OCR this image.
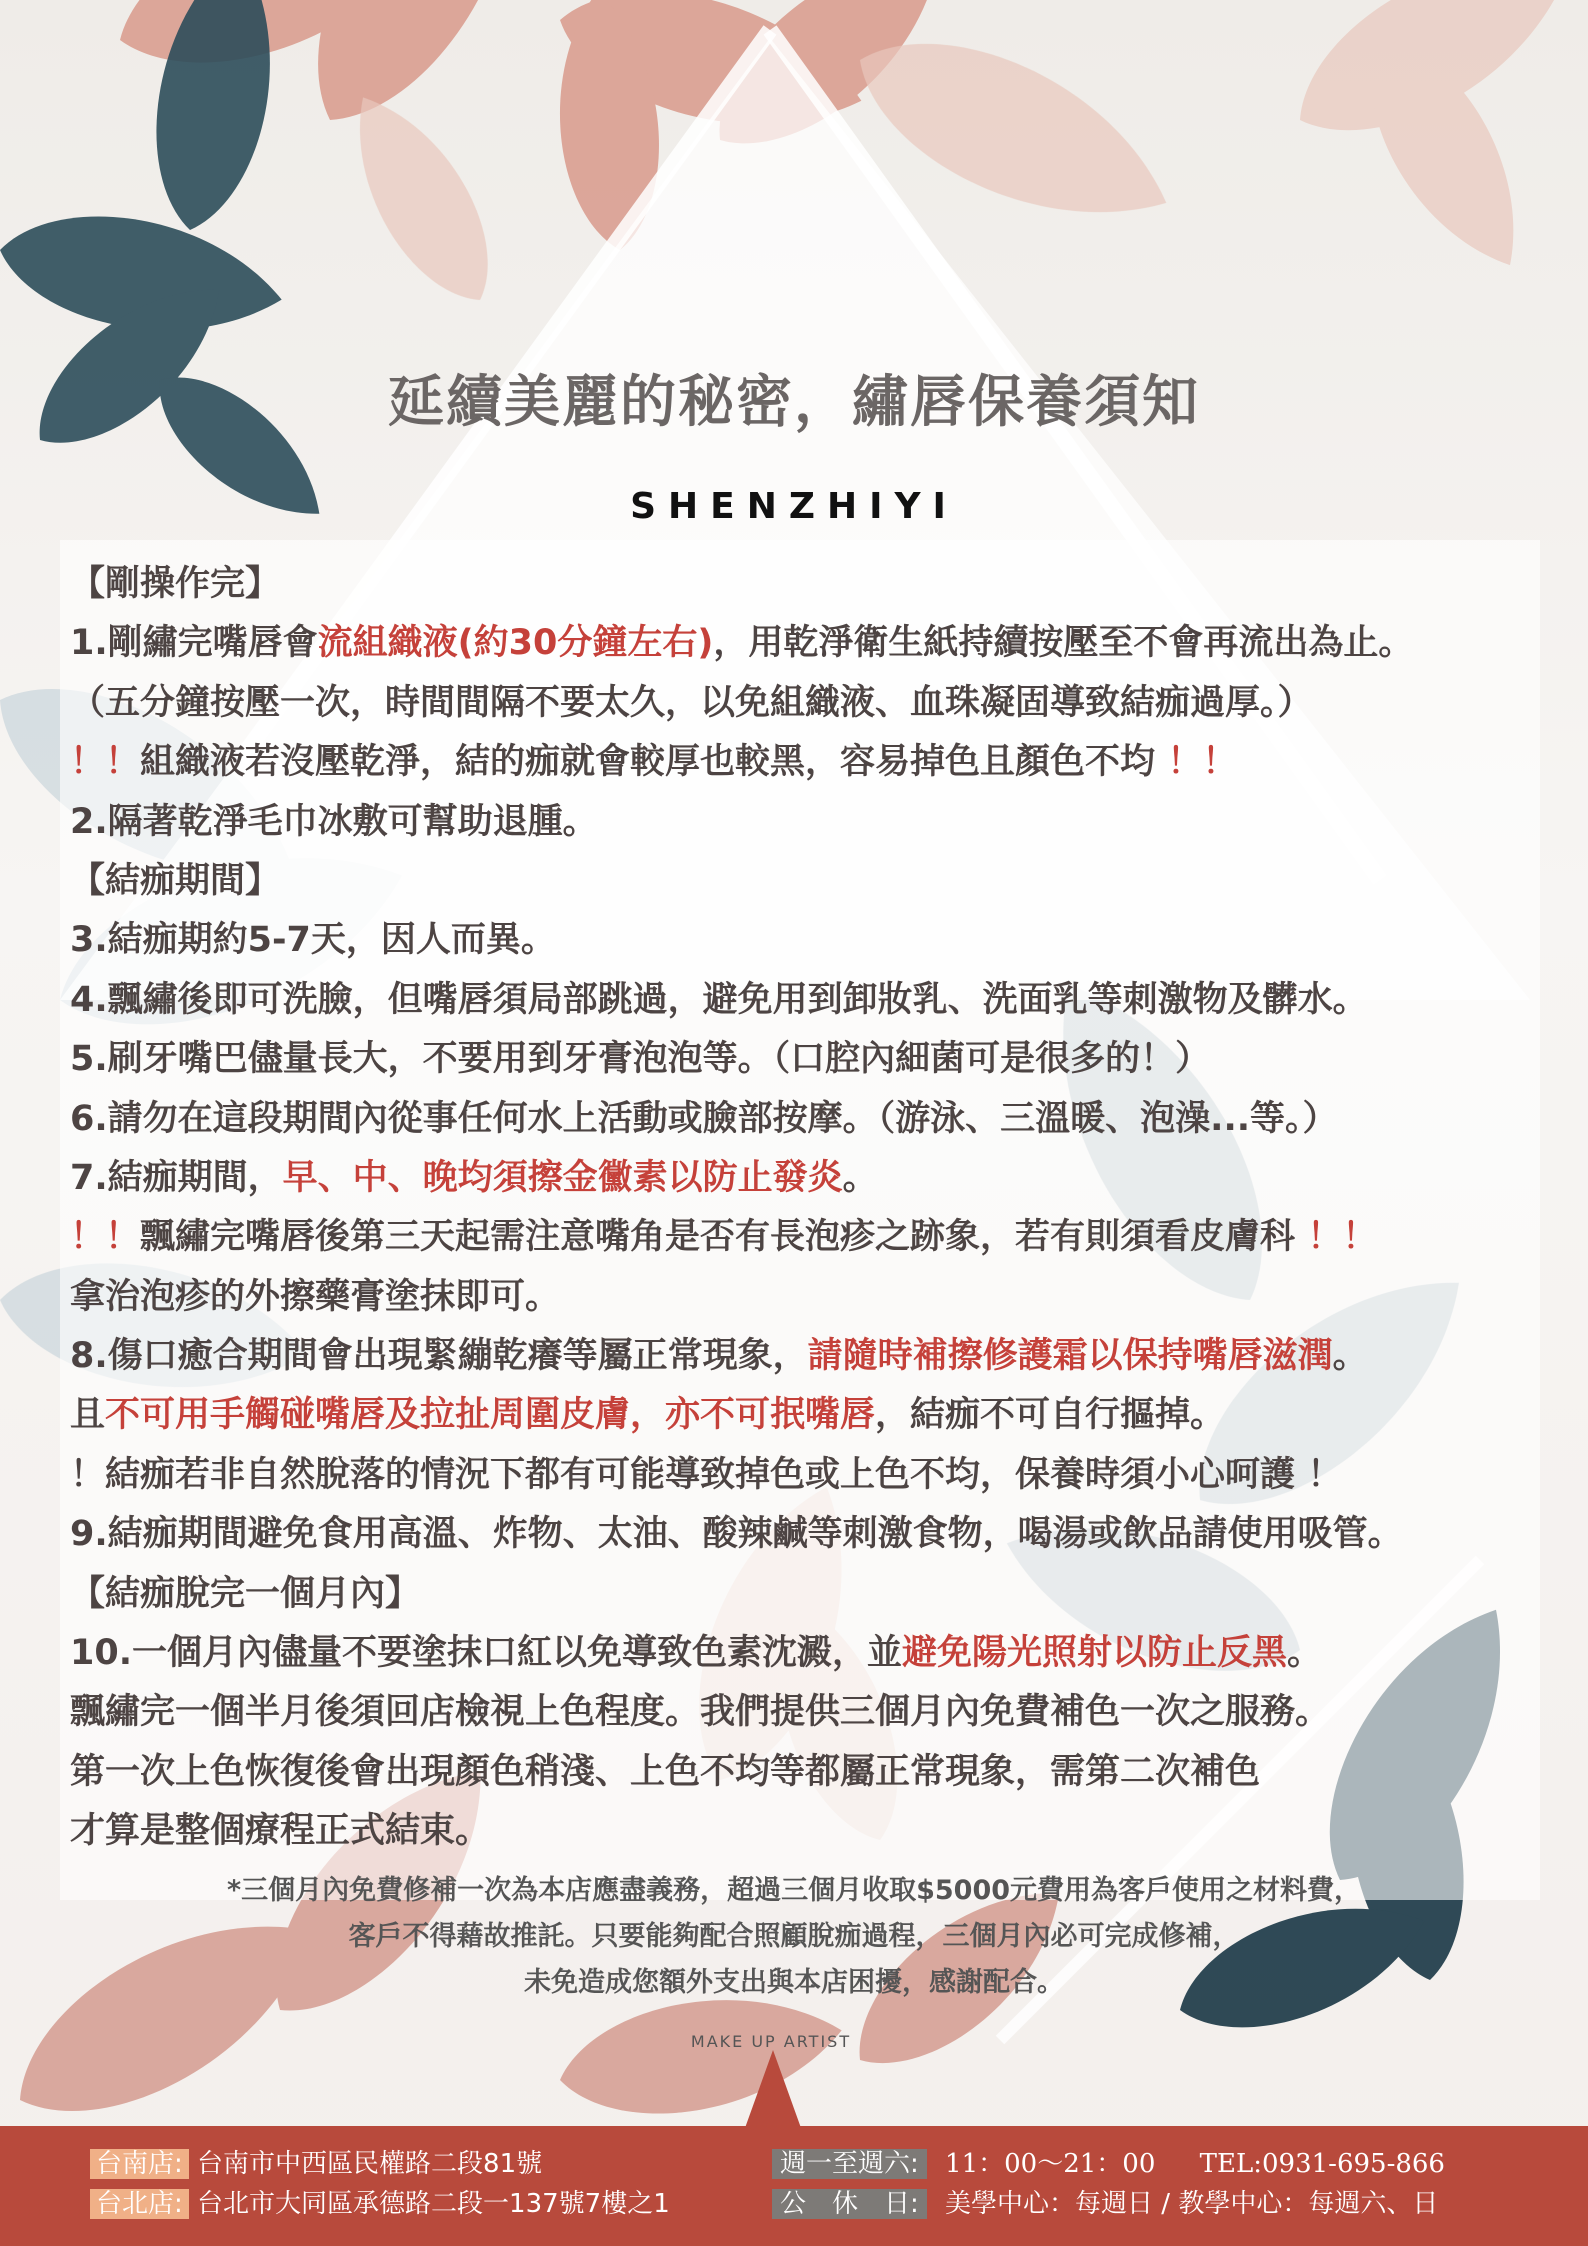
延續美麗的秘密，繡唇保養須知
SHENZHIYI
【剛操作完】
1.剛繡完嘴唇會流組織液(約30分鐘左右)，用乾淨衛生紙持續按壓至不會再流出為止。
（五分鐘按壓一次，時間間隔不要太久，以免組織液、血珠凝固導致結痂過厚。）
！！組織液若沒壓乾淨，結的痂就會較厚也較黑，容易掉色且顏色不均 ！！
2.隔著乾淨毛巾冰敷可幫助退腫。
【結痂期間】
3.結痂期約5-7天，因人而異。
4.飄繡後即可洗臉，但嘴唇須局部跳過，避免用到卸妝乳、洗面乳等刺激物及髒水。
5.刷牙嘴巴儘量長大，不要用到牙膏泡泡等。（口腔內細菌可是很多的！）
6.請勿在這段期間內從事任何水上活動或臉部按摩。（游泳、三溫暖、泡澡...等。）
7.結痂期間，早、中、晚均須擦金黴素以防止發炎。
！！飄繡完嘴唇後第三天起需注意嘴角是否有長泡疹之跡象，若有則須看皮膚科 ！！
拿治泡疹的外擦藥膏塗抹即可。
8.傷口癒合期間會出現緊繃乾癢等屬正常現象，請隨時補擦修護霜以保持嘴唇滋潤。
且不可用手觸碰嘴唇及拉扯周圍皮膚，亦不可抿嘴唇，結痂不可自行摳掉。
！結痂若非自然脫落的情況下都有可能導致掉色或上色不均，保養時須小心呵護 ！
9.結痂期間避免食用高溫、炸物、太油、酸辣鹹等刺激食物，喝湯或飲品請使用吸管。
【結痂脫完一個月內】
10.一個月內儘量不要塗抹口紅以免導致色素沈澱，並避免陽光照射以防止反黑。
飄繡完一個半月後須回店檢視上色程度。我們提供三個月內免費補色一次之服務。
第一次上色恢復後會出現顏色稍淺、上色不均等都屬正常現象，需第二次補色
才算是整個療程正式結束。
*三個月內免費修補一次為本店應盡義務，超過三個月收取$5000元費用為客戶使用之材料費，
客戶不得藉故推託。只要能夠配合照顧脫痂過程，三個月內必可完成修補，
未免造成您額外支出與本店困擾，感謝配合。
MAKE UP ARTIST
台南店: 台南市中西區民權路二段81號
台北店: 台北市大同區承德路二段一137號7樓之1
週一至週六: 11：00～21：00 TEL:0931-695-866
公　休　日: 美學中心：每週日 / 教學中心：每週六、日
